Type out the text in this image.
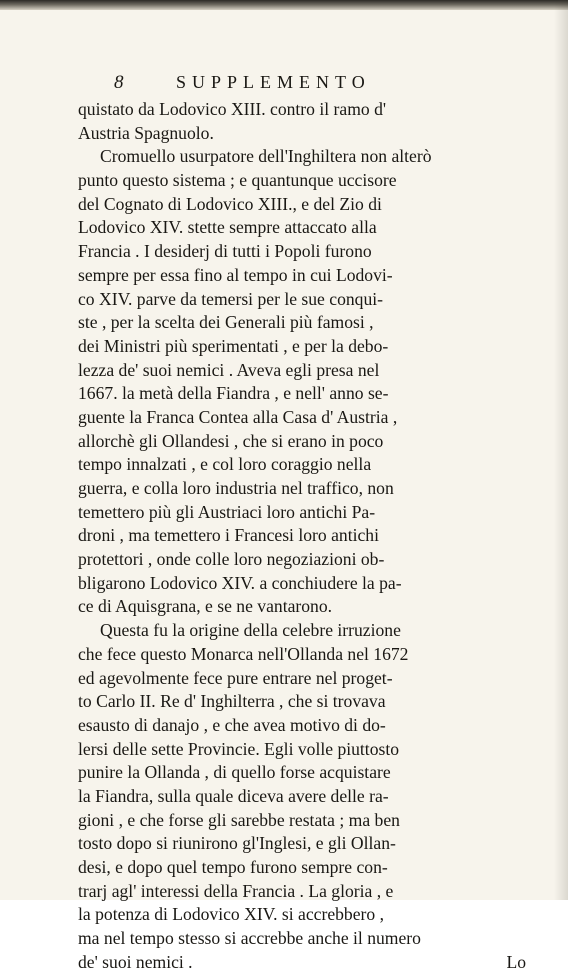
8	SUPPLEMENTO
quistato da Lodovico XIII. contro il ramo d'
Austria Spagnuolo.
Cromuello usurpatore dell'Inghiltera non alterò
punto questo sistema ; e quantunque uccisore
del Cognato di Lodovico XIII., e del Zio di
Lodovico XIV. stette sempre attaccato alla
Francia . I desiderj di tutti i Popoli furono
sempre per essa fino al tempo in cui Lodovi-
co XIV. parve da temersi per le sue conqui-
ste , per la scelta dei Generali più famosi ,
dei Ministri più sperimentati , e per la debo-
lezza de' suoi nemici . Aveva egli presa nel
1667. la metà della Fiandra , e nell' anno se-
guente la Franca Contea alla Casa d' Austria ,
allorchè gli Ollandesi , che si erano in poco
tempo innalzati , e col loro coraggio nella
guerra, e colla loro industria nel traffico, non
temettero più gli Austriaci loro antichi Pa-
droni , ma temettero i Francesi loro antichi
protettori , onde colle loro negoziazioni ob-
bligarono Lodovico XIV. a conchiudere la pa-
ce di Aquisgrana, e se ne vantarono.
Questa fu la origine della celebre irruzione
che fece questo Monarca nell'Ollanda nel 1672
ed agevolmente fece pure entrare nel proget-
to Carlo II. Re d' Inghilterra , che si trovava
esausto di danajo , e che avea motivo di do-
lersi delle sette Provincie. Egli volle piuttosto
punire la Ollanda , di quello forse acquistare
la Fiandra, sulla quale diceva avere delle ra-
gioni , e che forse gli sarebbe restata ; ma ben
tosto dopo si riunirono gl'Inglesi, e gli Ollan-
desi, e dopo quel tempo furono sempre con-
trarj agl' interessi della Francia . La gloria , e
la potenza di Lodovico XIV. si accrebbero ,
ma nel tempo stesso si accrebbe anche il numero
de' suoi nemici .	Lo
